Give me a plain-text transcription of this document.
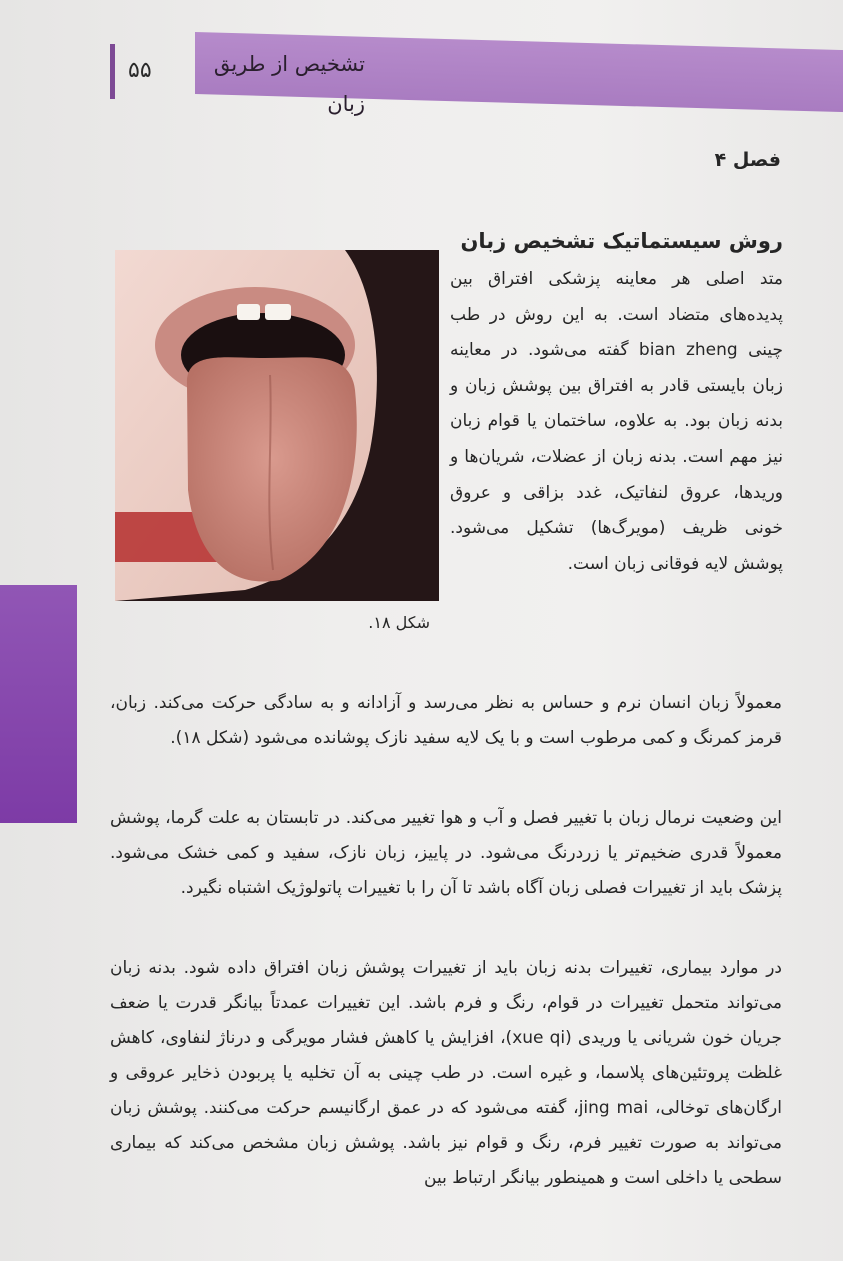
تشخیص از طریق زبان
۵۵
فصل ۴
روش سیستماتیک تشخیص زبان
متد اصلی هر معاینه پزشکی افتراق بین پدیده‌های متضاد است. به این روش در طب چینی bian zheng گفته می‌شود. در معاینه زبان بایستی قادر به افتراق بین پوشش زبان و بدنه زبان بود. به علاوه، ساختمان یا قوام زبان نیز مهم است. بدنه زبان از عضلات، شریان‌ها و وریدها، عروق لنفاتیک، غدد بزاقی و عروق خونی ظریف (مویرگ‌ها) تشکیل می‌شود. پوشش لایه فوقانی زبان است.
شکل ۱۸.
معمولاً زبان انسان نرم و حساس به نظر می‌رسد و آزادانه و به سادگی حرکت می‌کند. زبان، قرمز کمرنگ و کمی مرطوب است و با یک لایه سفید نازک پوشانده می‌شود (شکل ۱۸).
این وضعیت نرمال زبان با تغییر فصل و آب و هوا تغییر می‌کند. در تابستان به علت گرما، پوشش معمولاً قدری ضخیم‌تر یا زردرنگ می‌شود. در پاییز، زبان نازک، سفید و کمی خشک می‌شود. پزشک باید از تغییرات فصلی زبان آگاه باشد تا آن را با تغییرات پاتولوژیک اشتباه نگیرد.
در موارد بیماری، تغییرات بدنه زبان باید از تغییرات پوشش زبان افتراق داده شود. بدنه زبان می‌تواند متحمل تغییرات در قوام، رنگ و فرم باشد. این تغییرات عمدتاً بیانگر قدرت یا ضعف جریان خون شریانی یا وریدی (xue qi)، افزایش یا کاهش فشار مویرگی و درناژ لنفاوی، کاهش غلظت پروتئین‌های پلاسما، و غیره است. در طب چینی به آن تخلیه یا پربودن ذخایر عروقی و ارگان‌های توخالی، jing mai، گفته می‌شود که در عمق ارگانیسم حرکت می‌کنند. پوشش زبان می‌تواند به صورت تغییر فرم، رنگ و قوام نیز باشد. پوشش زبان مشخص می‌کند که بیماری سطحی یا داخلی است و همینطور بیانگر ارتباط بین
